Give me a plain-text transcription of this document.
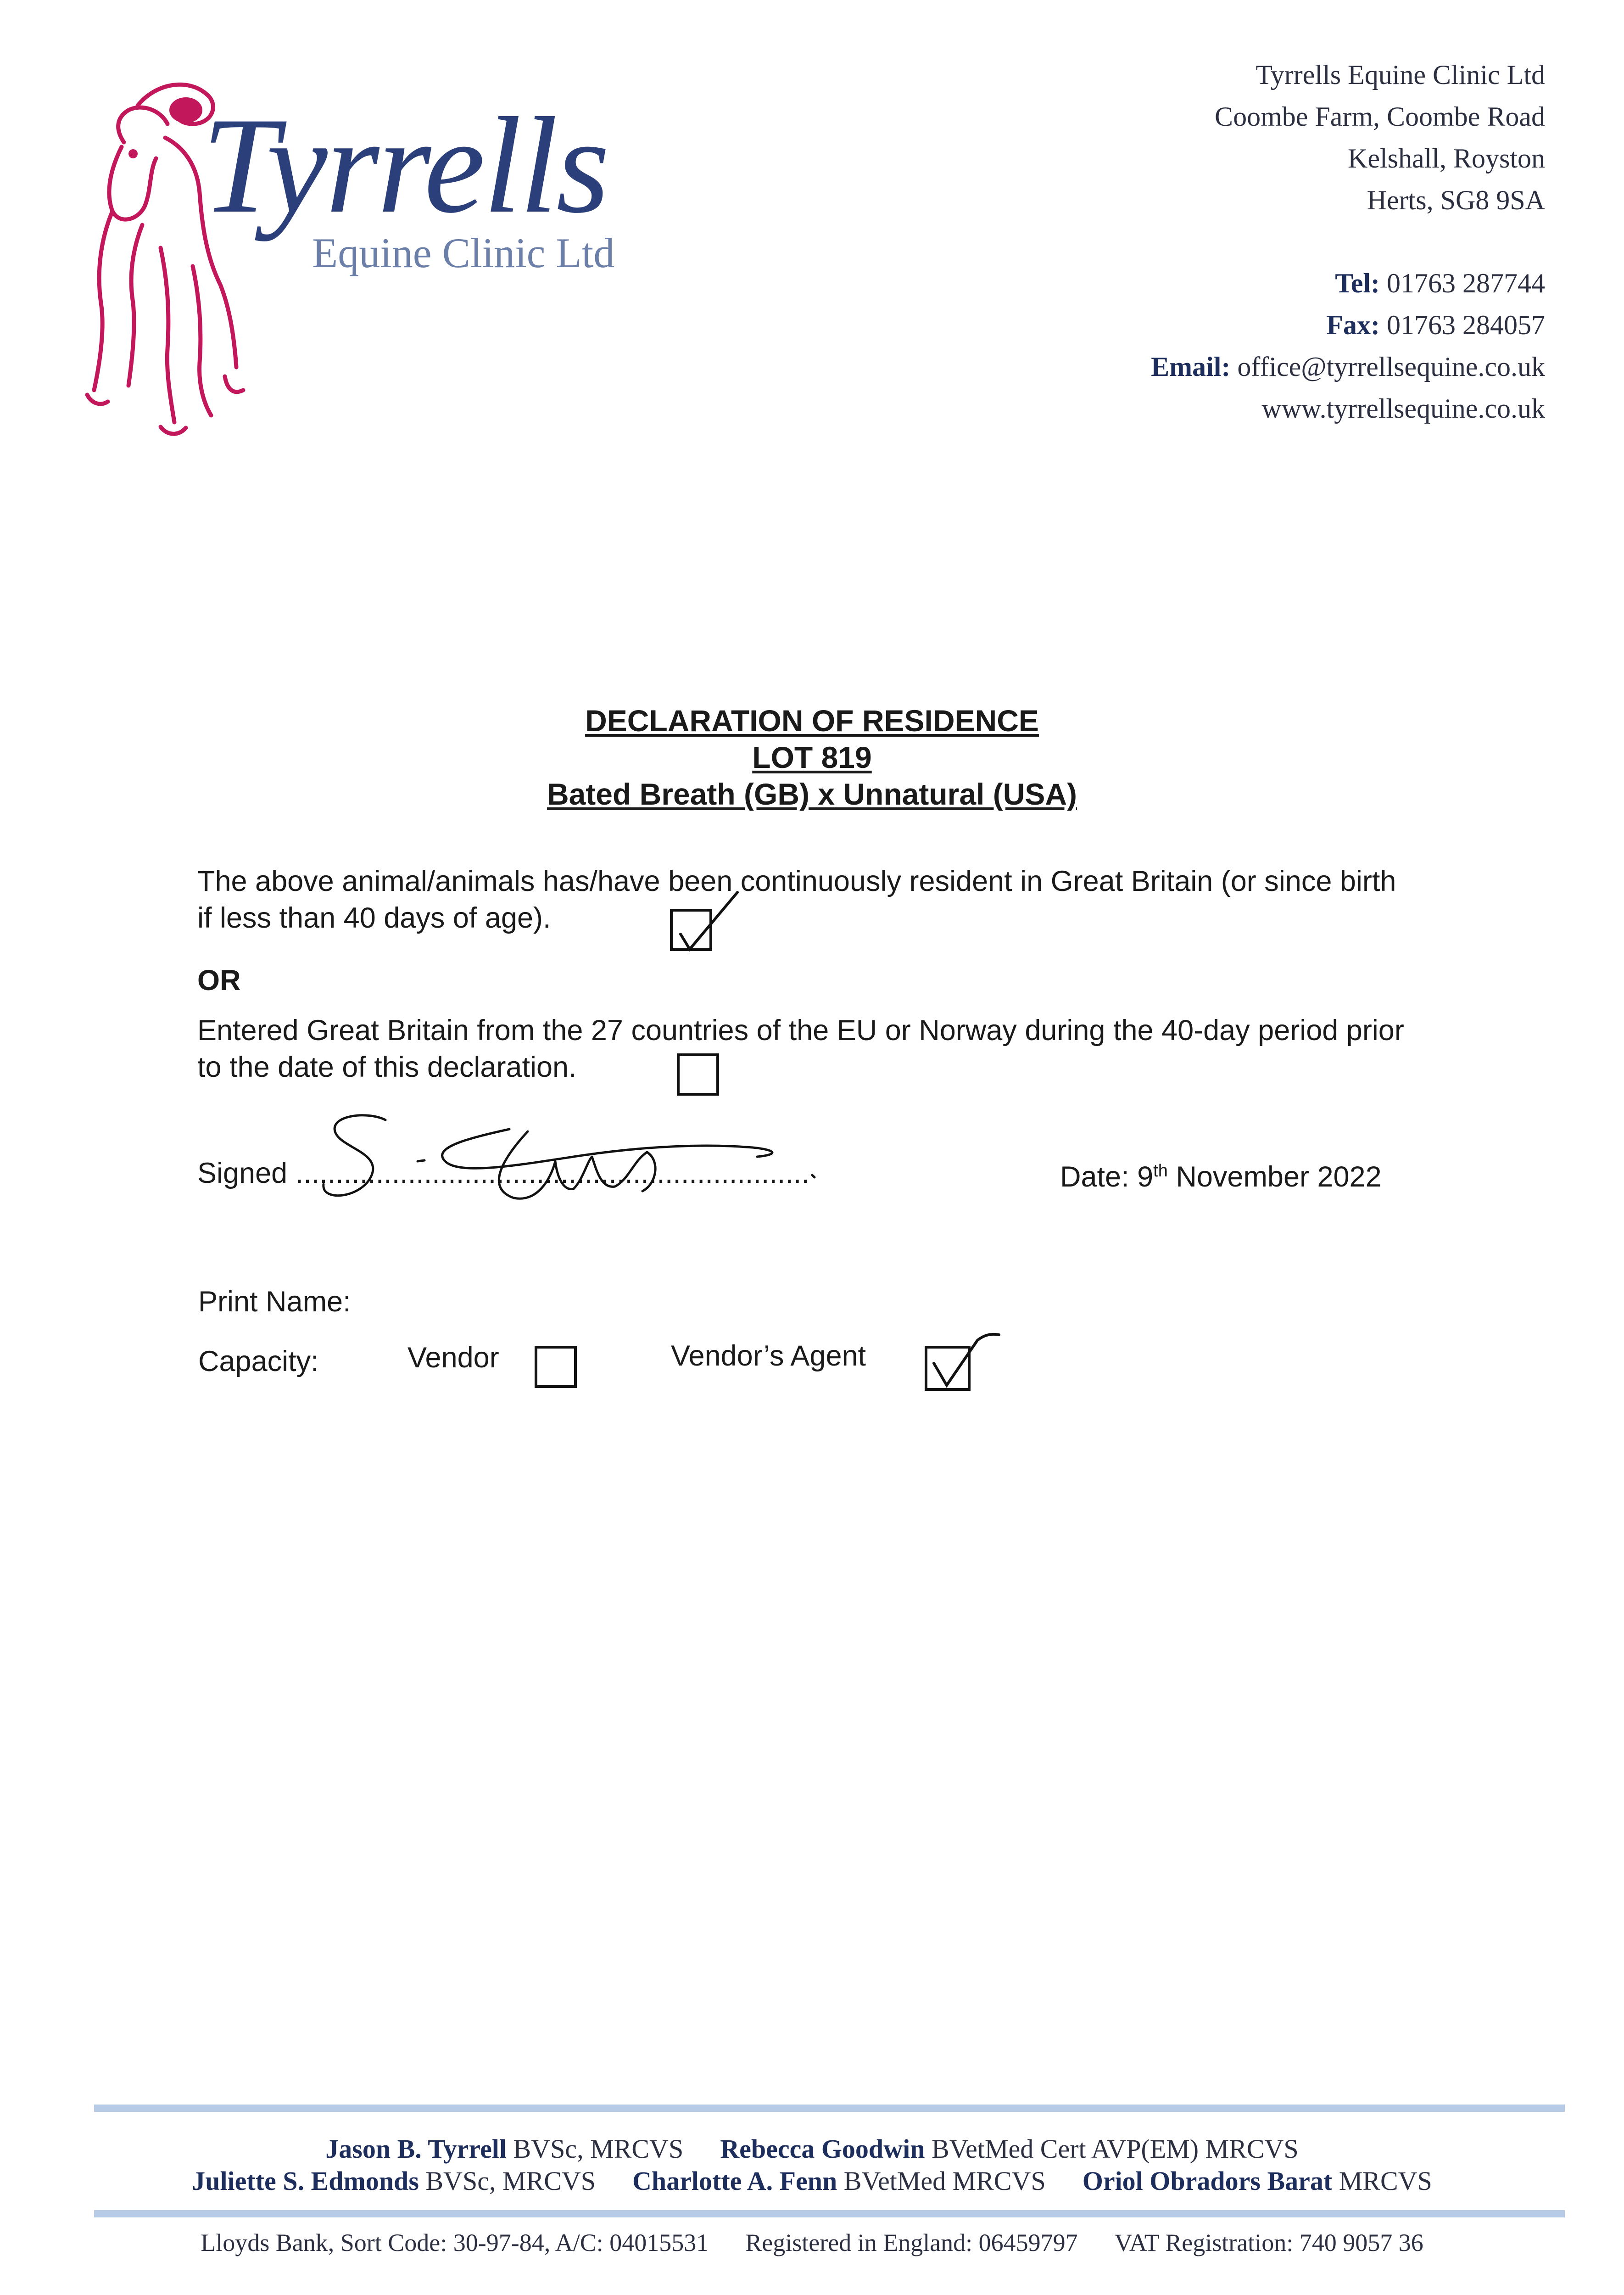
Tyrrells
Equine Clinic Ltd
Tyrrells Equine Clinic Ltd
Coombe Farm, Coombe Road
Kelshall, Royston
Herts, SG8 9SA
Tel: 01763 287744
Fax: 01763 284057
Email: office@tyrrellsequine.co.uk
www.tyrrellsequine.co.uk
DECLARATION OF RESIDENCE
LOT 819
Bated Breath (GB) x Unnatural (USA)
The above animal/animals has/have been continuously resident in Great Britain (or since birth if less than 40 days of age).
OR
Entered Great Britain from the 27 countries of the EU or Norway during the 40-day period prior to the date of this declaration.
Signed ................................................................	Date: 9th November 2022
Print Name:
Capacity:	Vendor	Vendor’s Agent
Jason B. Tyrrell BVSc, MRCVS Rebecca Goodwin BVetMed Cert AVP(EM) MRCVS
Juliette S. Edmonds BVSc, MRCVS Charlotte A. Fenn BVetMed MRCVS Oriol Obradors Barat MRCVS
Lloyds Bank, Sort Code: 30-97-84, A/C: 04015531 Registered in England: 06459797 VAT Registration: 740 9057 36
